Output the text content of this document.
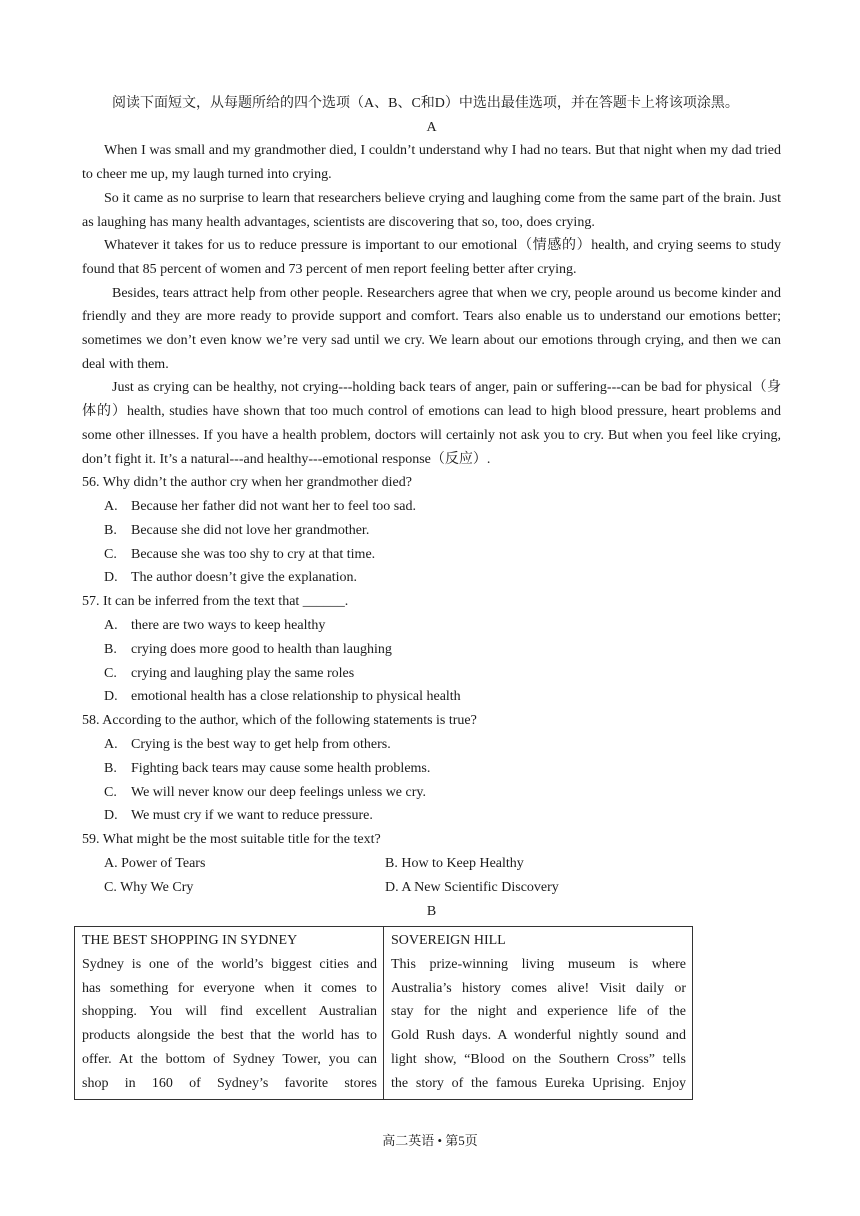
阅读下面短文，从每题所给的四个选项（A、B、C和D）中选出最佳选项，并在答题卡上将该项涂黑。

A

When I was small and my grandmother died, I couldn’t understand why I had no tears. But that night when my dad tried to cheer me up, my laugh turned into crying.

So it came as no surprise to learn that researchers believe crying and laughing come from the same part of the brain. Just as laughing has many health advantages, scientists are discovering that so, too, does crying.

Whatever it takes for us to reduce pressure is important to our emotional（情感的）health, and crying seems to study found that 85 percent of women and 73 percent of men report feeling better after crying.

Besides, tears attract help from other people. Researchers agree that when we cry, people around us become kinder and friendly and they are more ready to provide support and comfort. Tears also enable us to understand our emotions better; sometimes we don’t even know we’re very sad until we cry. We learn about our emotions through crying, and then we can deal with them.

Just as crying can be healthy, not crying---holding back tears of anger, pain or suffering---can be bad for physical（身体的）health, studies have shown that too much control of emotions can lead to high blood pressure, heart problems and some other illnesses. If you have a health problem, doctors will certainly not ask you to cry. But when you feel like crying, don’t fight it. It’s a natural---and healthy---emotional response（反应）.

56. Why didn’t the author cry when her grandmother died?

A. Because her father did not want her to feel too sad.
B.	Because she did not love her grandmother.
C.	Because she was too shy to cry at that time.
D. The author doesn’t give the explanation.

57. It can be inferred from the text that ______.

A. there are two ways to keep healthy
B.	crying does more good to health than laughing
C.	crying and laughing play the same roles
D. emotional health has a close relationship to physical health

58. According to the author, which of the following statements is true?

A. Crying is the best way to get help from others.
B.	Fighting back tears may cause some health problems.
C.	We will never know our deep feelings unless we cry.
D. We must cry if we want to reduce pressure.

59. What might be the most suitable title for the text?

A. Power of Tears	B. How to Keep Healthy
C. Why We Cry	D. A New Scientific Discovery

B

THE BEST SHOPPING IN SYDNEY
Sydney is one of the world’s biggest cities and
has something for everyone when it comes to
shopping. You will find excellent Australian
products alongside the best that the world has to
offer. At the bottom of Sydney Tower, you can
shop in 160 of Sydney’s favorite stores

SOVEREIGN HILL
This prize-winning living museum is where
Australia’s history comes alive! Visit daily or
stay for the night and experience life of the
Gold Rush days. A wonderful nightly sound and
light show, “Blood on the Southern Cross” tells
the story of the famous Eureka Uprising. Enjoy
高二英语 • 第5页
